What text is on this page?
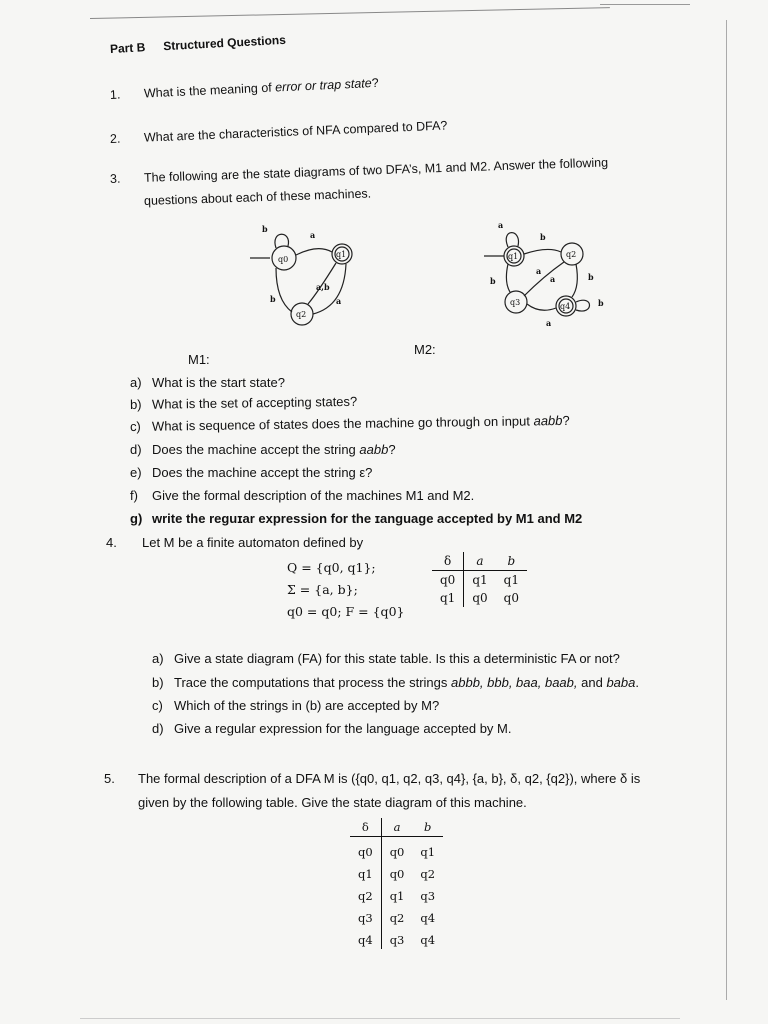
Part B Structured Questions
1. What is the meaning of error or trap state?
2. What are the characteristics of NFA compared to DFA?
3. The following are the state diagrams of two DFA’s, M1 and M2. Answer the following
questions about each of these machines.
q0
q1
q2
b
a
a,b
b	a
q1	q2
q3	q4
a
b
b
a
a	b
b
a
M1:
M2:
a) What is the start state?
b) What is the set of accepting states?
c) What is sequence of states does the machine go through on input aabb?
d) Does the machine accept the string aabb?
e) Does the machine accept the string ε?
f) Give the formal description of the machines M1 and M2.
g) write the reguɪar expression for the ɪanguage accepted by M1 and M2
4. Let M be a finite automaton defined by
Q = {q0, q1};
Σ = {a, b};
q0 = q0; F = {q0}
δ	a	b
q0	q1	q1
q1	q0	q0
a) Give a state diagram (FA) for this state table. Is this a deterministic FA or not?
b) Trace the computations that process the strings abbb, bbb, baa, baab, and baba.
c) Which of the strings in (b) are accepted by M?
d) Give a regular expression for the language accepted by M.
5. The formal description of a DFA M is ({q0, q1, q2, q3, q4}, {a, b}, δ, q2, {q2}), where δ is
given by the following table. Give the state diagram of this machine.
δ	a	b
q0	q0	q1
q1	q0	q2
q2	q1	q3
q3	q2	q4
q4	q3	q4
